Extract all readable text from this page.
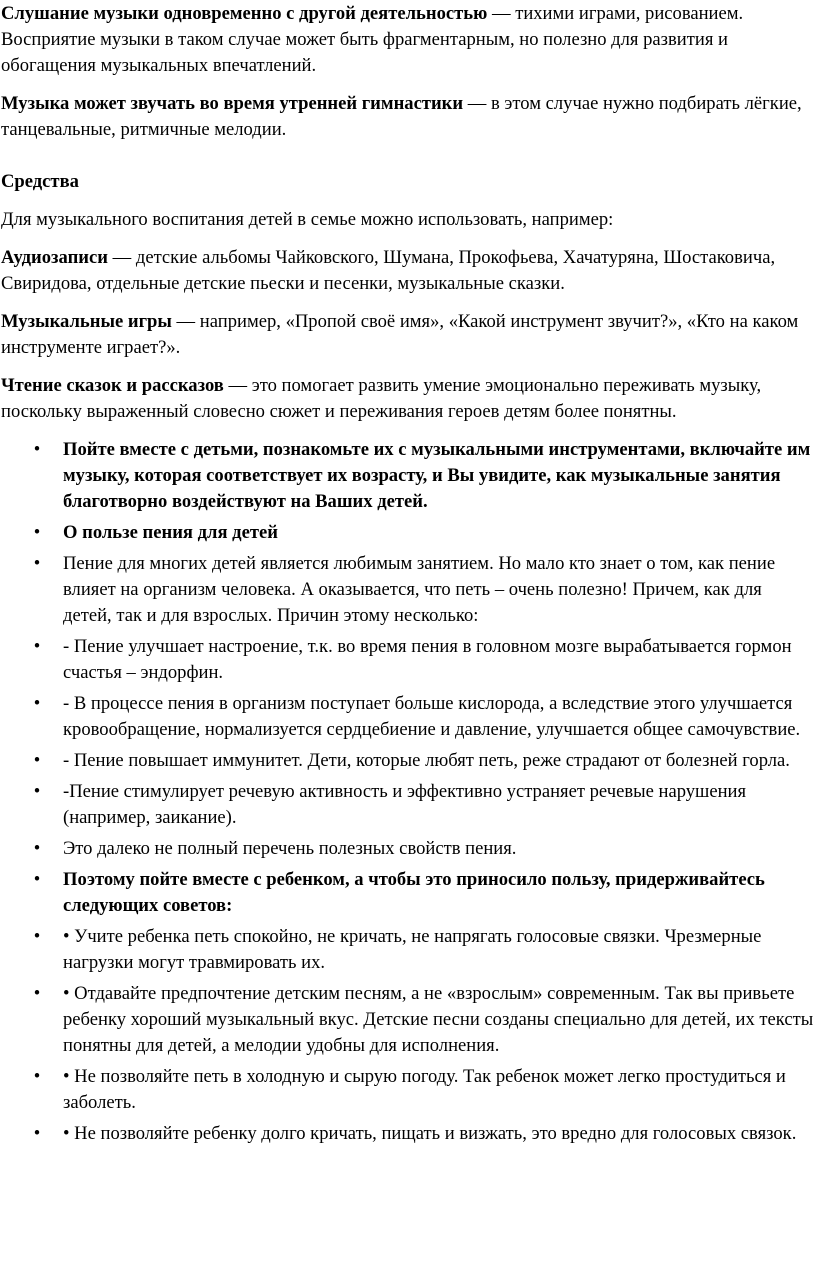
Слушание музыки одновременно с другой деятельностью — тихими играми, рисованием. Восприятие музыки в таком случае может быть фрагментарным, но полезно для развития и обогащения музыкальных впечатлений.

Музыка может звучать во время утренней гимнастики — в этом случае нужно подбирать лёгкие, танцевальные, ритмичные мелодии.

Средства

Для музыкального воспитания детей в семье можно использовать, например:

Аудиозаписи — детские альбомы Чайковского, Шумана, Прокофьева, Хачатуряна, Шостаковича, Свиридова, отдельные детские пьески и песенки, музыкальные сказки.

Музыкальные игры — например, «Пропой своё имя», «Какой инструмент звучит?», «Кто на каком инструменте играет?».

Чтение сказок и рассказов — это помогает развить умение эмоционально переживать музыку, поскольку выраженный словесно сюжет и переживания героев детям более понятны.

• Пойте вместе с детьми, познакомьте их с музыкальными инструментами, включайте им музыку, которая соответствует их возрасту, и Вы увидите, как музыкальные занятия благотворно воздействуют на Ваших детей.
• О пользе пения для детей
• Пение для многих детей является любимым занятием. Но мало кто знает о том, как пение влияет на организм человека. А оказывается, что петь – очень полезно! Причем, как для детей, так и для взрослых. Причин этому несколько:
• - Пение улучшает настроение, т.к. во время пения в головном мозге вырабатывается гормон счастья – эндорфин.
• - В процессе пения в организм поступает больше кислорода, а вследствие этого улучшается кровообращение, нормализуется сердцебиение и давление, улучшается общее самочувствие.
• - Пение повышает иммунитет. Дети, которые любят петь, реже страдают от болезней горла.
• -Пение стимулирует речевую активность и эффективно устраняет речевые нарушения (например, заикание).
• Это далеко не полный перечень полезных свойств пения.
• Поэтому пойте вместе с ребенком, а чтобы это приносило пользу, придерживайтесь следующих советов:
• • Учите ребенка петь спокойно, не кричать, не напрягать голосовые связки. Чрезмерные нагрузки могут травмировать их.
• • Отдавайте предпочтение детским песням, а не «взрослым» современным. Так вы привьете ребенку хороший музыкальный вкус. Детские песни созданы специально для детей, их тексты понятны для детей, а мелодии удобны для исполнения.
• • Не позволяйте петь в холодную и сырую погоду. Так ребенок может легко простудиться и заболеть.
• • Не позволяйте ребенку долго кричать, пищать и визжать, это вредно для голосовых связок.
